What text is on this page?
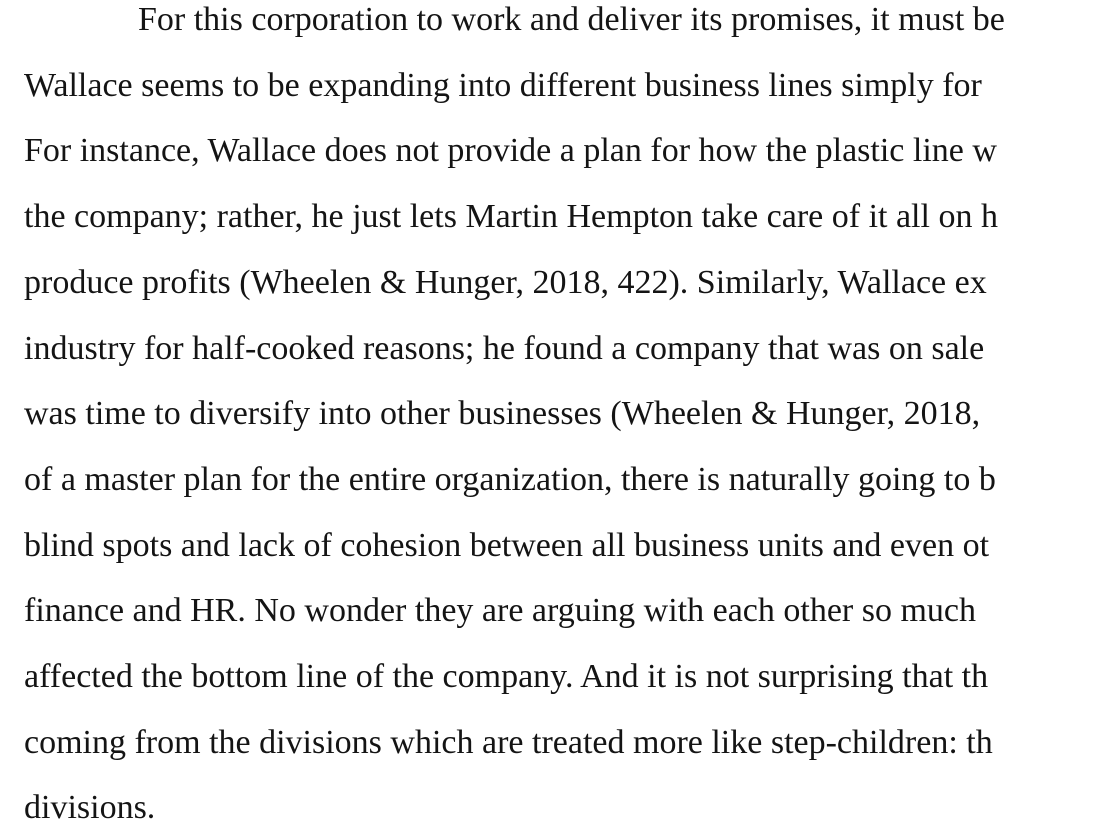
For this corporation to work and deliver its promises, it must be
Wallace seems to be expanding into different business lines simply for
For instance, Wallace does not provide a plan for how the plastic line w
the company; rather, he just lets Martin Hempton take care of it all on h
produce profits (Wheelen & Hunger, 2018, 422). Similarly, Wallace ex
industry for half-cooked reasons; he found a company that was on sale
was time to diversify into other businesses (Wheelen & Hunger, 2018,
of a master plan for the entire organization, there is naturally going to b
blind spots and lack of cohesion between all business units and even ot
finance and HR. No wonder they are arguing with each other so much
affected the bottom line of the company. And it is not surprising that th
coming from the divisions which are treated more like step-children: th
divisions.
